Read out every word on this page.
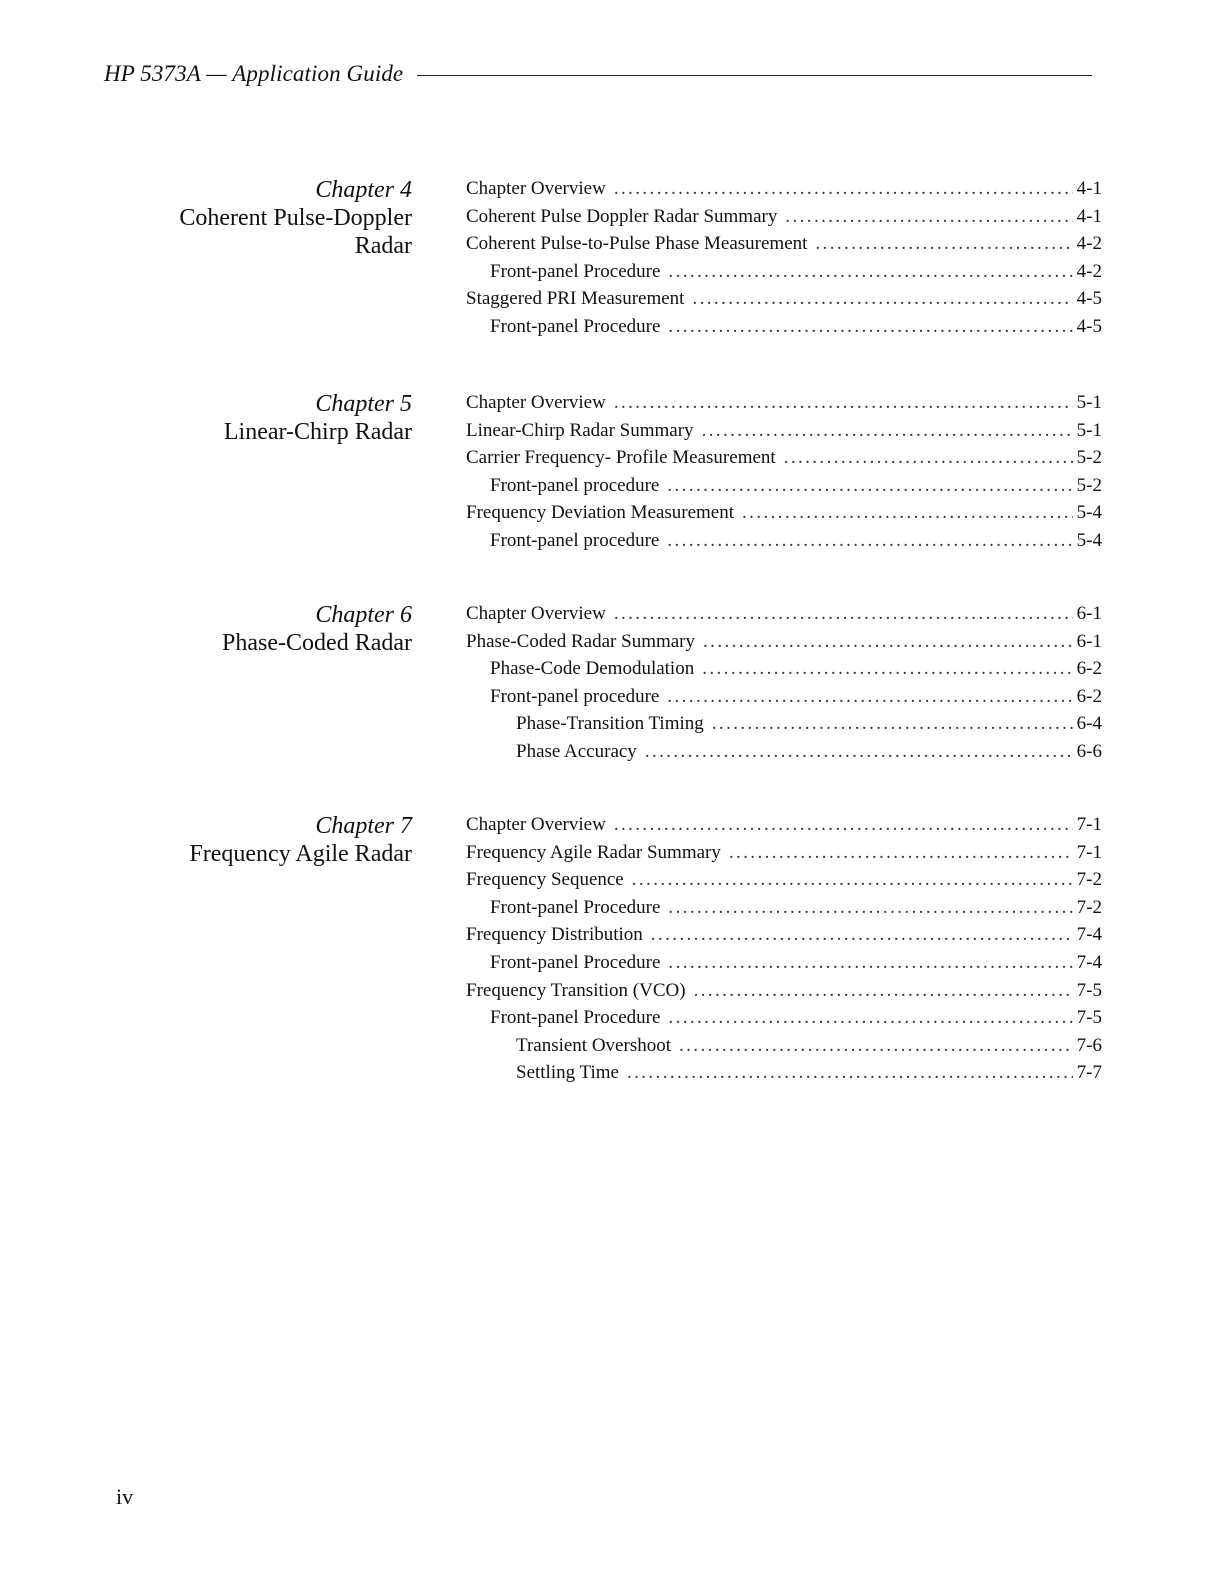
HP 5373A — Application Guide
Chapter 4
Coherent Pulse-Doppler
Radar
Chapter Overview .....	4-1
Coherent Pulse Doppler Radar Summary .....	4-1
Coherent Pulse-to-Pulse Phase Measurement .....	4-2
Front-panel Procedure .....	4-2
Staggered PRI Measurement .....	4-5
Front-panel Procedure .....	4-5
Chapter 5
Linear-Chirp Radar
Chapter Overview .....	5-1
Linear-Chirp Radar Summary .....	5-1
Carrier Frequency- Profile Measurement .....	5-2
Front-panel procedure .....	5-2
Frequency Deviation Measurement .....	5-4
Front-panel procedure .....	5-4
Chapter 6
Phase-Coded Radar
Chapter Overview .....	6-1
Phase-Coded Radar Summary .....	6-1
Phase-Code Demodulation .....	6-2
Front-panel procedure .....	6-2
Phase-Transition Timing .....	6-4
Phase Accuracy .....	6-6
Chapter 7
Frequency Agile Radar
Chapter Overview .....	7-1
Frequency Agile Radar Summary .....	7-1
Frequency Sequence .....	7-2
Front-panel Procedure .....	7-2
Frequency Distribution .....	7-4
Front-panel Procedure .....	7-4
Frequency Transition (VCO) .....	7-5
Front-panel Procedure .....	7-5
Transient Overshoot .....	7-6
Settling Time .....	7-7
iv
